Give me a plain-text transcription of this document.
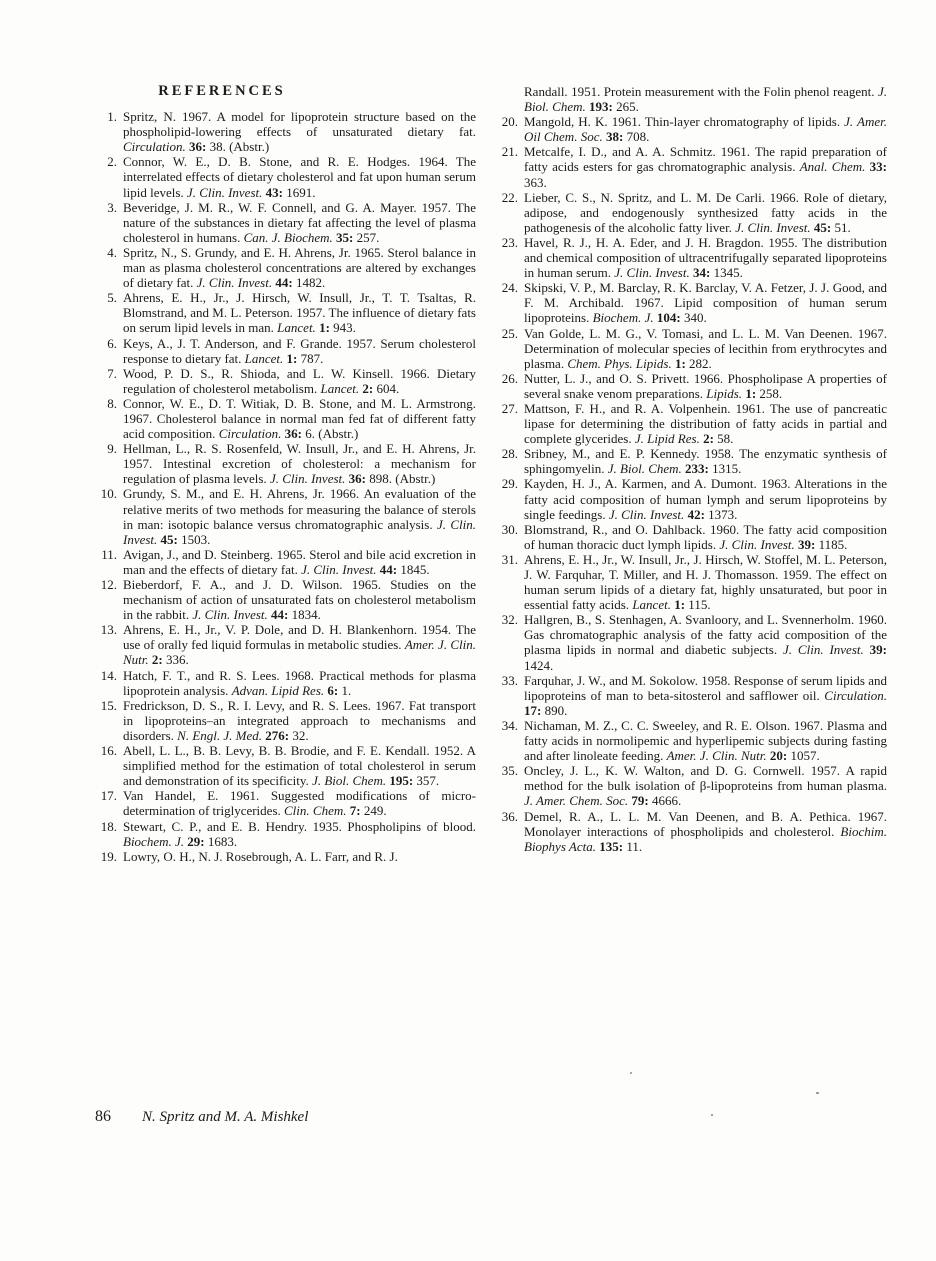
REFERENCES
1. Spritz, N. 1967. A model for lipoprotein structure based on the phospholipid-lowering effects of unsaturated dietary fat. Circulation. 36: 38. (Abstr.)
2. Connor, W. E., D. B. Stone, and R. E. Hodges. 1964. The interrelated effects of dietary cholesterol and fat upon human serum lipid levels. J. Clin. Invest. 43: 1691.
3. Beveridge, J. M. R., W. F. Connell, and G. A. Mayer. 1957. The nature of the substances in dietary fat affecting the level of plasma cholesterol in humans. Can. J. Biochem. 35: 257.
4. Spritz, N., S. Grundy, and E. H. Ahrens, Jr. 1965. Sterol balance in man as plasma cholesterol concentrations are altered by exchanges of dietary fat. J. Clin. Invest. 44: 1482.
5. Ahrens, E. H., Jr., J. Hirsch, W. Insull, Jr., T. T. Tsaltas, R. Blomstrand, and M. L. Peterson. 1957. The influence of dietary fats on serum lipid levels in man. Lancet. 1: 943.
6. Keys, A., J. T. Anderson, and F. Grande. 1957. Serum cholesterol response to dietary fat. Lancet. 1: 787.
7. Wood, P. D. S., R. Shioda, and L. W. Kinsell. 1966. Dietary regulation of cholesterol metabolism. Lancet. 2: 604.
8. Connor, W. E., D. T. Witiak, D. B. Stone, and M. L. Armstrong. 1967. Cholesterol balance in normal man fed fat of different fatty acid composition. Circulation. 36: 6. (Abstr.)
9. Hellman, L., R. S. Rosenfeld, W. Insull, Jr., and E. H. Ahrens, Jr. 1957. Intestinal excretion of cholesterol: a mechanism for regulation of plasma levels. J. Clin. Invest. 36: 898. (Abstr.)
10. Grundy, S. M., and E. H. Ahrens, Jr. 1966. An evaluation of the relative merits of two methods for measuring the balance of sterols in man: isotopic balance versus chromatographic analysis. J. Clin. Invest. 45: 1503.
11. Avigan, J., and D. Steinberg. 1965. Sterol and bile acid excretion in man and the effects of dietary fat. J. Clin. Invest. 44: 1845.
12. Bieberdorf, F. A., and J. D. Wilson. 1965. Studies on the mechanism of action of unsaturated fats on cholesterol metabolism in the rabbit. J. Clin. Invest. 44: 1834.
13. Ahrens, E. H., Jr., V. P. Dole, and D. H. Blankenhorn. 1954. The use of orally fed liquid formulas in metabolic studies. Amer. J. Clin. Nutr. 2: 336.
14. Hatch, F. T., and R. S. Lees. 1968. Practical methods for plasma lipoprotein analysis. Advan. Lipid Res. 6: 1.
15. Fredrickson, D. S., R. I. Levy, and R. S. Lees. 1967. Fat transport in lipoproteins–an integrated approach to mechanisms and disorders. N. Engl. J. Med. 276: 32.
16. Abell, L. L., B. B. Levy, B. B. Brodie, and F. E. Kendall. 1952. A simplified method for the estimation of total cholesterol in serum and demonstration of its specificity. J. Biol. Chem. 195: 357.
17. Van Handel, E. 1961. Suggested modifications of micro-determination of triglycerides. Clin. Chem. 7: 249.
18. Stewart, C. P., and E. B. Hendry. 1935. Phospholipins of blood. Biochem. J. 29: 1683.
19. Lowry, O. H., N. J. Rosebrough, A. L. Farr, and R. J.
Randall. 1951. Protein measurement with the Folin phenol reagent. J. Biol. Chem. 193: 265.
20. Mangold, H. K. 1961. Thin-layer chromatography of lipids. J. Amer. Oil Chem. Soc. 38: 708.
21. Metcalfe, I. D., and A. A. Schmitz. 1961. The rapid preparation of fatty acids esters for gas chromatographic analysis. Anal. Chem. 33: 363.
22. Lieber, C. S., N. Spritz, and L. M. De Carli. 1966. Role of dietary, adipose, and endogenously synthesized fatty acids in the pathogenesis of the alcoholic fatty liver. J. Clin. Invest. 45: 51.
23. Havel, R. J., H. A. Eder, and J. H. Bragdon. 1955. The distribution and chemical composition of ultracentrifugally separated lipoproteins in human serum. J. Clin. Invest. 34: 1345.
24. Skipski, V. P., M. Barclay, R. K. Barclay, V. A. Fetzer, J. J. Good, and F. M. Archibald. 1967. Lipid composition of human serum lipoproteins. Biochem. J. 104: 340.
25. Van Golde, L. M. G., V. Tomasi, and L. L. M. Van Deenen. 1967. Determination of molecular species of lecithin from erythrocytes and plasma. Chem. Phys. Lipids. 1: 282.
26. Nutter, L. J., and O. S. Privett. 1966. Phospholipase A properties of several snake venom preparations. Lipids. 1: 258.
27. Mattson, F. H., and R. A. Volpenhein. 1961. The use of pancreatic lipase for determining the distribution of fatty acids in partial and complete glycerides. J. Lipid Res. 2: 58.
28. Sribney, M., and E. P. Kennedy. 1958. The enzymatic synthesis of sphingomyelin. J. Biol. Chem. 233: 1315.
29. Kayden, H. J., A. Karmen, and A. Dumont. 1963. Alterations in the fatty acid composition of human lymph and serum lipoproteins by single feedings. J. Clin. Invest. 42: 1373.
30. Blomstrand, R., and O. Dahlback. 1960. The fatty acid composition of human thoracic duct lymph lipids. J. Clin. Invest. 39: 1185.
31. Ahrens, E. H., Jr., W. Insull, Jr., J. Hirsch, W. Stoffel, M. L. Peterson, J. W. Farquhar, T. Miller, and H. J. Thomasson. 1959. The effect on human serum lipids of a dietary fat, highly unsaturated, but poor in essential fatty acids. Lancet. 1: 115.
32. Hallgren, B., S. Stenhagen, A. Svanloory, and L. Svennerholm. 1960. Gas chromatographic analysis of the fatty acid composition of the plasma lipids in normal and diabetic subjects. J. Clin. Invest. 39: 1424.
33. Farquhar, J. W., and M. Sokolow. 1958. Response of serum lipids and lipoproteins of man to beta-sitosterol and safflower oil. Circulation. 17: 890.
34. Nichaman, M. Z., C. C. Sweeley, and R. E. Olson. 1967. Plasma and fatty acids in normolipemic and hyperlipemic subjects during fasting and after linoleate feeding. Amer. J. Clin. Nutr. 20: 1057.
35. Oncley, J. L., K. W. Walton, and D. G. Cornwell. 1957. A rapid method for the bulk isolation of β-lipoproteins from human plasma. J. Amer. Chem. Soc. 79: 4666.
36. Demel, R. A., L. L. M. Van Deenen, and B. A. Pethica. 1967. Monolayer interactions of phospholipids and cholesterol. Biochim. Biophys Acta. 135: 11.
86 N. Spritz and M. A. Mishkel
